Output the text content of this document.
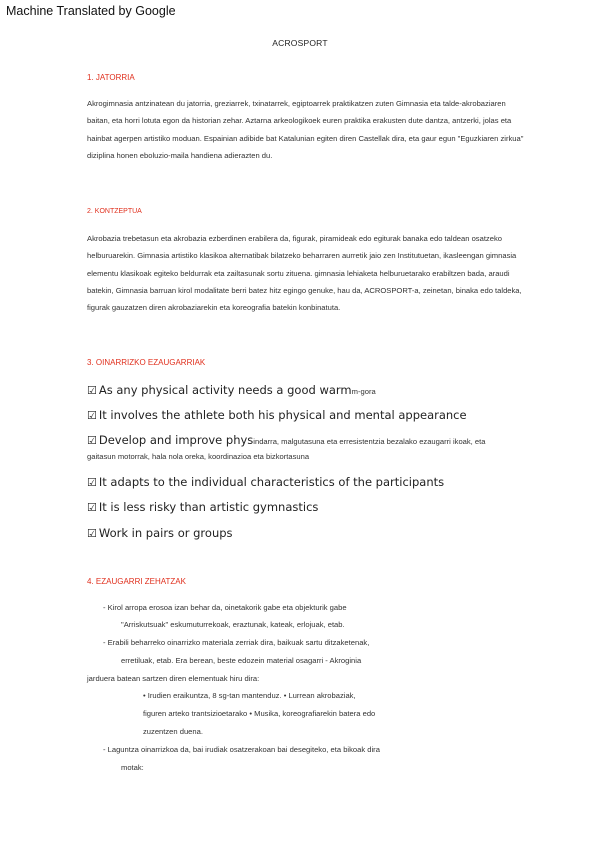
Machine Translated by Google
ACROSPORT
1. JATORRIA
Akrogimnasia antzinatean du jatorria, greziarrek, txinatarrek, egiptoarrek praktikatzen zuten Gimnasia eta talde-akrobaziaren baitan, eta horri lotuta egon da historian zehar. Aztarna arkeologikoek euren praktika erakusten dute dantza, antzerki, jolas eta hainbat agerpen artistiko moduan. Espainian adibide bat Katalunian egiten diren Castellak dira, eta gaur egun "Eguzkiaren zirkua" diziplina honen eboluzio-maila handiena adierazten du.
2. KONTZEPTUA
Akrobazia trebetasun eta akrobazia ezberdinen erabilera da, figurak, piramideak edo egiturak banaka edo taldean osatzeko helburuarekin. Gimnasia artistiko klasikoa alternatibak bilatzeko beharraren aurretik jaio zen Institutuetan, ikasleengan gimnasia elementu klasikoak egiteko beldurrak eta zailtasunak sortu zituena. gimnasia lehiaketa helburuetarako erabiltzen bada, araudi batekin, Gimnasia barruan kirol modalitate berri batez hitz egingo genuke, hau da, ACROSPORT-a, zeinetan, binaka edo taldeka, figurak gauzatzen diren akrobaziarekin eta koreografia batekin konbinatuta.
3. OINARRIZKO EZAUGARRIAK
☑ As any physical activity needs a good warmm-gora
☑ It involves the athlete both his physical and mental appearance
☑ Develop and improve physindarra, malgutasuna eta erresistentzia bezalako ezaugarri ikoak, eta
gaitasun motorrak, hala nola oreka, koordinazioa eta bizkortasuna
☑ It adapts to the individual characteristics of the participants
☑ It is less risky than artistic gymnastics
☑ Work in pairs or groups
4. EZAUGARRI ZEHATZAK
- Kirol arropa erosoa izan behar da, oinetakorik gabe eta objekturik gabe
"Arriskutsuak" eskumuturrekoak, eraztunak, kateak, erlojuak, etab.
- Erabili beharreko oinarrizko materiala zerriak dira, baikuak sartu ditzaketenak,
erretiluak, etab. Era berean, beste edozein material osagarri - Akroginia
jarduera batean sartzen diren elementuak hiru dira:
• Irudien eraikuntza, 8 sg-tan mantenduz. • Lurrean akrobaziak,
figuren arteko trantsizioetarako • Musika, koreografiarekin batera edo
zuzentzen duena.
- Laguntza oinarrizkoa da, bai irudiak osatzerakoan bai desegiteko, eta bikoak dira
motak:
